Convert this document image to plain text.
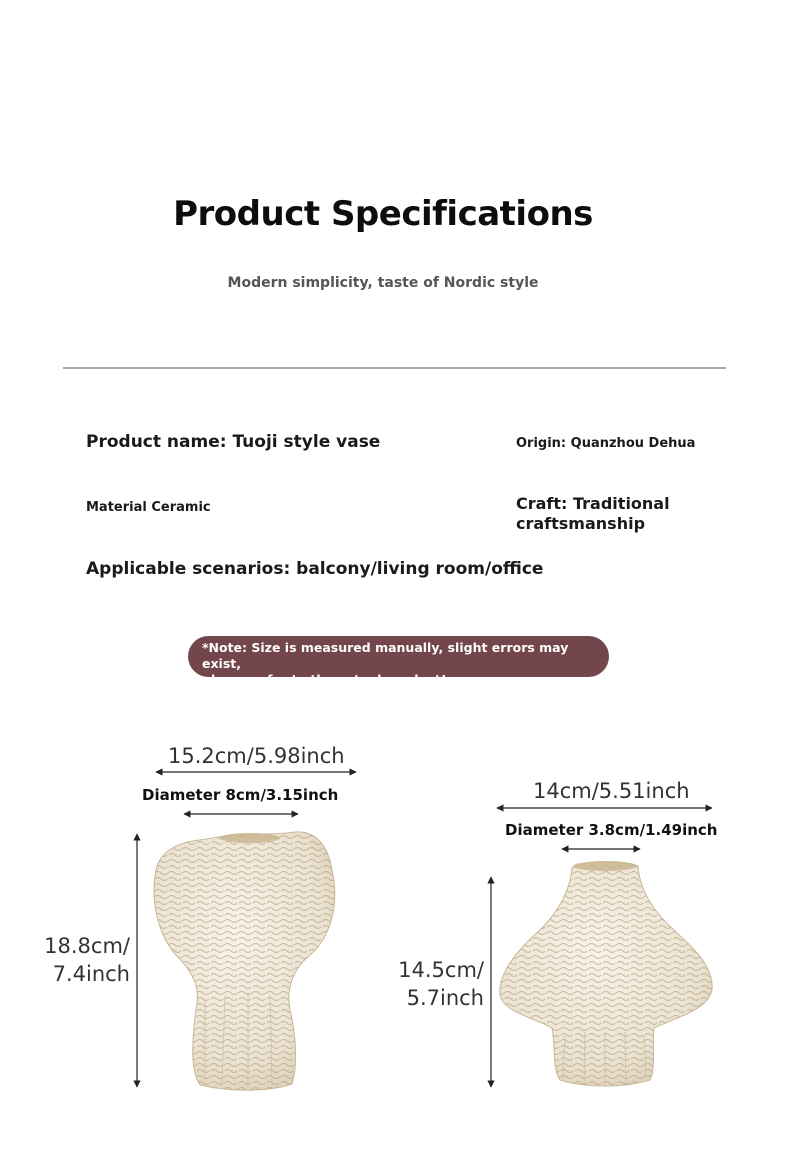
Product Specifications
Modern simplicity, taste of Nordic style
Product name: Tuoji style vase	Origin: Quanzhou Dehua
Material Ceramic	Craft: Traditional
craftsmanship
Applicable scenarios: balcony/living room/office
*Note: Size is measured manually, slight errors may exist,
please refer to the actual product!
15.2cm/5.98inch
Diameter 8cm/3.15inch
18.8cm/
7.4inch
14cm/5.51inch
Diameter 3.8cm/1.49inch
14.5cm/
5.7inch
